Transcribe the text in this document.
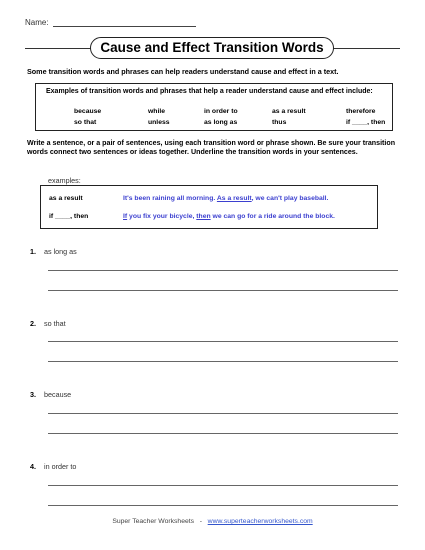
Name:
Cause and Effect Transition Words
Some transition words and phrases can help readers understand cause and effect in a text.
Examples of transition words and phrases that help a reader understand cause and effect include:
because	while	in order to	as a result	therefore
so that	unless	as long as	thus	if ____, then
Write a sentence, or a pair of sentences, using each transition word or phrase shown. Be sure your transition words connect two sentences or ideas together. Underline the transition words in your sentences.
examples:
as a result	It's been raining all morning. As a result, we can't play baseball.
if ____, then	If you fix your bicycle, then we can go for a ride around the block.
1. as long as
2. so that
3. because
4. in order to
Super Teacher Worksheets - www.superteacherworksheets.com
